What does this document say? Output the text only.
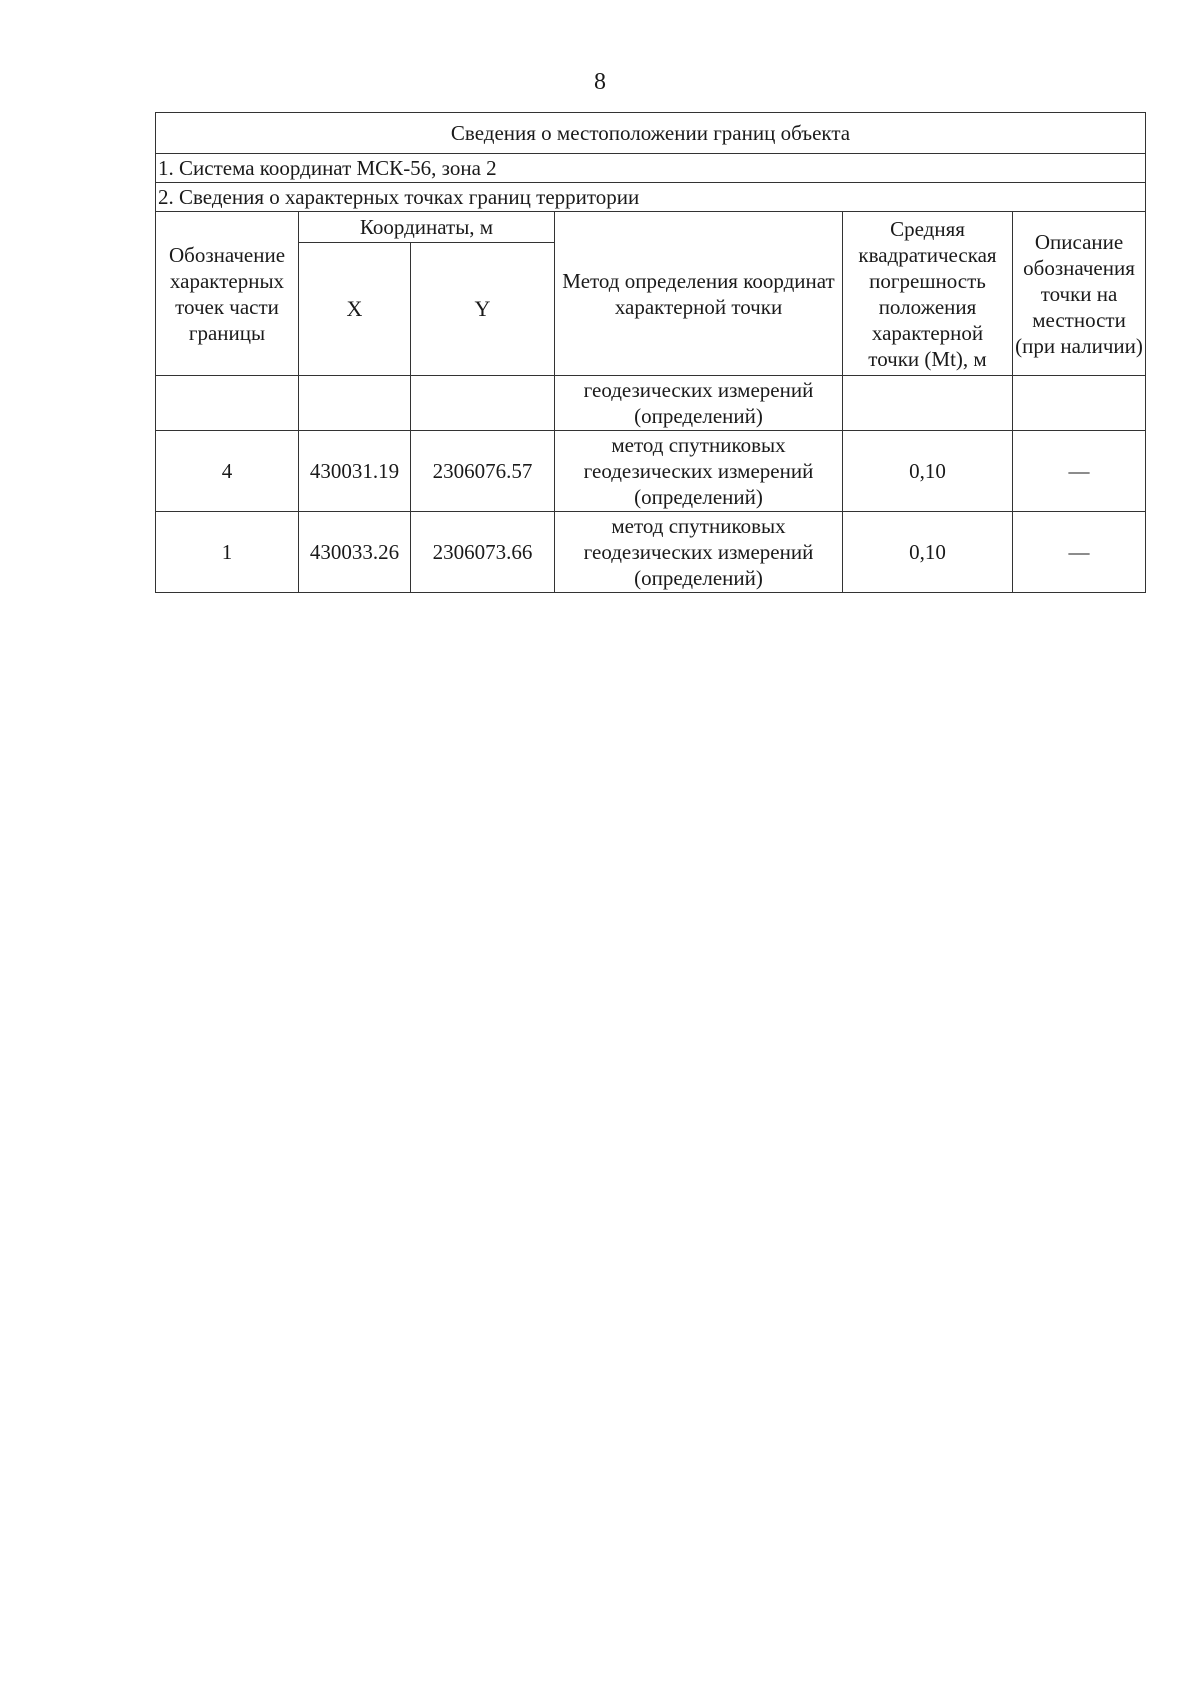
8
Сведения о местоположении границ объекта					
1. Система координат МСК-56, зона 2					
2. Сведения о характерных точках границ территории					
Обозначение характерных точек части границы	Координаты, м		Метод определения координат характерной точки	Средняя квадратическая погрешность положения характерной точки (Mt), м	Описание обозначения точки на местности (при наличии)
	X	Y			
			геодезических измерений (определений)		
4	430031.19	2306076.57	метод спутниковых геодезических измерений (определений)	0,10	—
1	430033.26	2306073.66	метод спутниковых геодезических измерений (определений)	0,10	—
